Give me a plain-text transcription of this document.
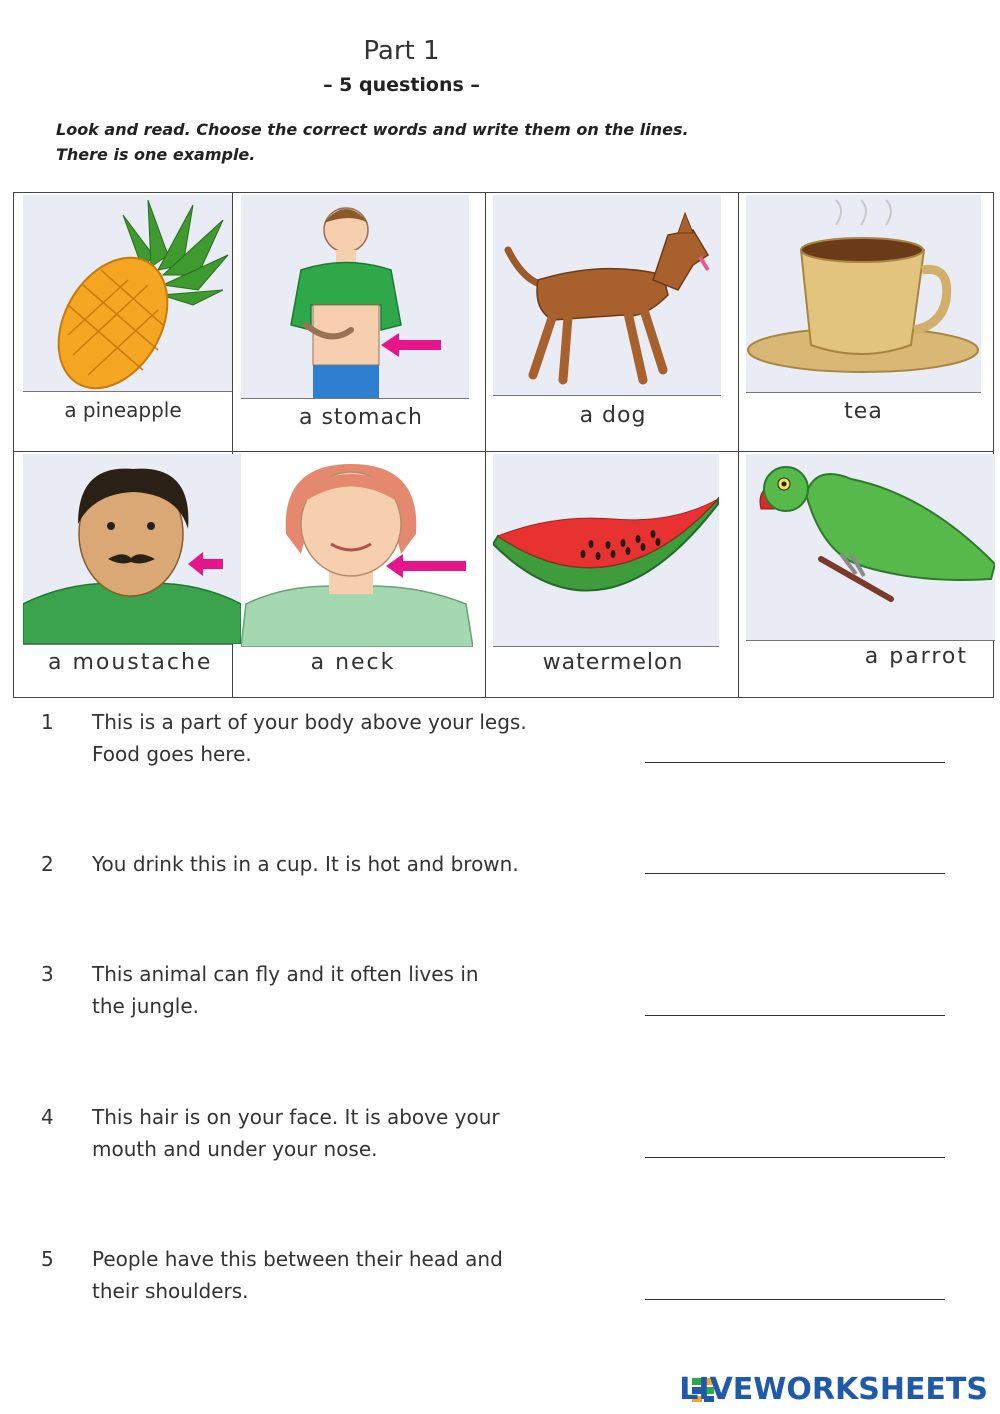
Part 1
– 5 questions –
Look and read. Choose the correct words and write them on the lines.
There is one example.
a pineapple	a stomach	a dog	tea
a moustache	a neck	watermelon	a parrot
1 This is a part of your body above your legs.
Food goes here.
2 You drink this in a cup. It is hot and brown.
3 This animal can fly and it often lives in
the jungle.
4 This hair is on your face. It is above your
mouth and under your nose.
5 People have this between their head and
their shoulders.
LIVEWORKSHEETS
